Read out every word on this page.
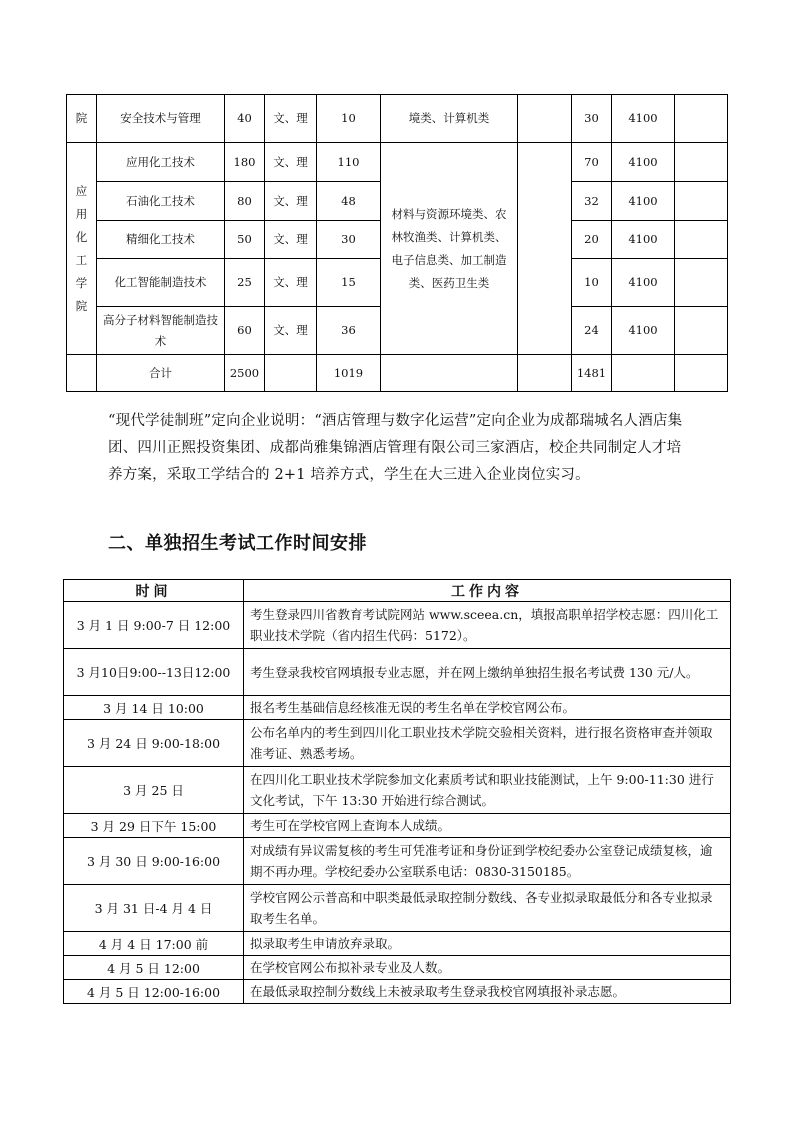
院	安全技术与管理	40	文、理	10	境类、计算机类		30	4100	
应用化工学院	应用化工技术	180	文、理	110	材料与资源环境类、农林牧渔类、计算机类、电子信息类、加工制造类、医药卫生类		70	4100	
	石油化工技术	80	文、理	48			32	4100	
	精细化工技术	50	文、理	30			20	4100	
	化工智能制造技术	25	文、理	15			10	4100	
	高分子材料智能制造技术	60	文、理	36			24	4100	
	合计	2500		1019			1481		

“现代学徒制班”定向企业说明：“酒店管理与数字化运营”定向企业为成都瑞城名人酒店集团、四川正熙投资集团、成都尚雅集锦酒店管理有限公司三家酒店，校企共同制定人才培养方案，采取工学结合的 2+1 培养方式，学生在大三进入企业岗位实习。

二、单独招生考试工作时间安排
时间	工作内容
3 月 1 日 9:00-7 日 12:00	考生登录四川省教育考试院网站 www.sceea.cn，填报高职单招学校志愿：四川化工职业技术学院（省内招生代码：5172）。
3 月10日9:00--13日12:00	考生登录我校官网填报专业志愿，并在网上缴纳单独招生报名考试费 130 元/人。
3 月 14 日 10:00	报名考生基础信息经核准无误的考生名单在学校官网公布。
3 月 24 日 9:00-18:00	公布名单内的考生到四川化工职业技术学院交验相关资料，进行报名资格审查并领取准考证、熟悉考场。
3 月 25 日	在四川化工职业技术学院参加文化素质考试和职业技能测试，上午 9:00-11:30 进行文化考试，下午 13:30 开始进行综合测试。
3 月 29 日下午 15:00	考生可在学校官网上查询本人成绩。
3 月 30 日 9:00-16:00	对成绩有异议需复核的考生可凭准考证和身份证到学校纪委办公室登记成绩复核，逾期不再办理。学校纪委办公室联系电话：0830-3150185。
3 月 31 日-4 月 4 日	学校官网公示普高和中职类最低录取控制分数线、各专业拟录取最低分和各专业拟录取考生名单。
4 月 4 日 17:00 前	拟录取考生申请放弃录取。
4 月 5 日 12:00	在学校官网公布拟补录专业及人数。
4 月 5 日 12:00-16:00	在最低录取控制分数线上未被录取考生登录我校官网填报补录志愿。
